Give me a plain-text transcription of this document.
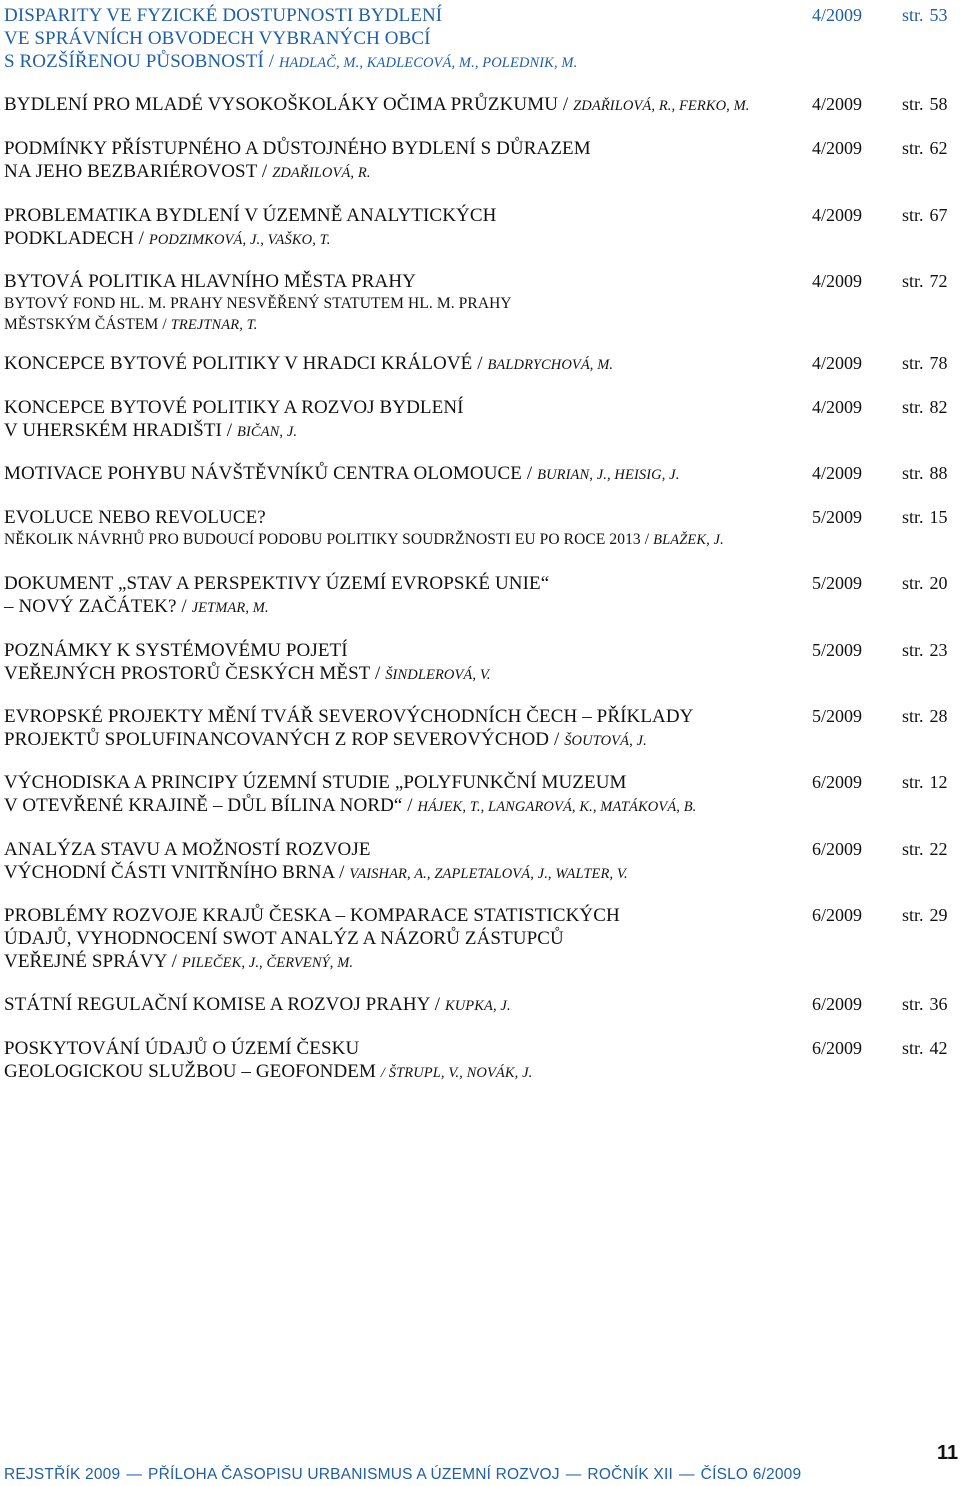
DISPARITY VE FYZICKÉ DOSTUPNOSTI BYDLENÍ
VE SPRÁVNÍCH OBVODECH VYBRANÝCH OBCÍ
S ROZŠÍŘENOU PŮSOBNOSTÍ / HADLAČ, M., KADLECOVÁ, M., POLEDNIK, M.
4/2009 str. 53
BYDLENÍ PRO MLADÉ VYSOKOŠKOLÁKY OČIMA PRŮZKUMU / ZDAŘILOVÁ, R., FERKO, M.	4/2009 str. 58
PODMÍNKY PŘÍSTUPNÉHO A DŮSTOJNÉHO BYDLENÍ S DŮRAZEM
NA JEHO BEZBARIÉROVOST / ZDAŘILOVÁ, R.
4/2009 str. 62
PROBLEMATIKA BYDLENÍ V ÚZEMNĚ ANALYTICKÝCH
PODKLADECH / PODZIMKOVÁ, J., VAŠKO, T.
4/2009 str. 67
BYTOVÁ POLITIKA HLAVNÍHO MĚSTA PRAHY
BYTOVÝ FOND HL. M. PRAHY NESVĚŘENÝ STATUTEM HL. M. PRAHY
MĚSTSKÝM ČÁSTEM / TREJTNAR, T.
4/2009 str. 72
KONCEPCE BYTOVÉ POLITIKY V HRADCI KRÁLOVÉ / BALDRYCHOVÁ, M.	4/2009 str. 78
KONCEPCE BYTOVÉ POLITIKY A ROZVOJ BYDLENÍ
V UHERSKÉM HRADIŠTI / BIČAN, J.
4/2009 str. 82
MOTIVACE POHYBU NÁVŠTĚVNÍKŮ CENTRA OLOMOUCE / BURIAN, J., HEISIG, J.	4/2009 str. 88
EVOLUCE NEBO REVOLUCE?
NĚKOLIK NÁVRHŮ PRO BUDOUCÍ PODOBU POLITIKY SOUDRŽNOSTI EU PO ROCE 2013 / BLAŽEK, J.
5/2009 str. 15
DOKUMENT „STAV A PERSPEKTIVY ÚZEMÍ EVROPSKÉ UNIE“
– NOVÝ ZAČÁTEK? / JETMAR, M.
5/2009 str. 20
POZNÁMKY K SYSTÉMOVÉMU POJETÍ
VEŘEJNÝCH PROSTORŮ ČESKÝCH MĚST / ŠINDLEROVÁ, V.
5/2009 str. 23
EVROPSKÉ PROJEKTY MĚNÍ TVÁŘ SEVEROVÝCHODNÍCH ČECH – PŘÍKLADY
PROJEKTŮ SPOLUFINANCOVANÝCH Z ROP SEVEROVÝCHOD / ŠOUTOVÁ, J.
5/2009 str. 28
VÝCHODISKA A PRINCIPY ÚZEMNÍ STUDIE „POLYFUNKČNÍ MUZEUM
V OTEVŘENÉ KRAJINĚ – DŮL BÍLINA NORD“ / HÁJEK, T., LANGAROVÁ, K., MATÁKOVÁ, B.
6/2009 str. 12
ANALÝZA STAVU A MOŽNOSTÍ ROZVOJE
VÝCHODNÍ ČÁSTI VNITŘNÍHO BRNA / VAISHAR, A., ZAPLETALOVÁ, J., WALTER, V.
6/2009 str. 22
PROBLÉMY ROZVOJE KRAJŮ ČESKA – KOMPARACE STATISTICKÝCH
ÚDAJŮ, VYHODNOCENÍ SWOT ANALÝZ A NÁZORŮ ZÁSTUPCŮ
VEŘEJNÉ SPRÁVY / PILEČEK, J., ČERVENÝ, M.
6/2009 str. 29
STÁTNÍ REGULAČNÍ KOMISE A ROZVOJ PRAHY / KUPKA, J.	6/2009 str. 36
POSKYTOVÁNÍ ÚDAJŮ O ÚZEMÍ ČESKU
GEOLOGICKOU SLUŽBOU – GEOFONDEM / ŠTRUPL, V., NOVÁK, J.
6/2009 str. 42
REJSTŘÍK 2009 — PŘÍLOHA ČASOPISU URBANISMUS A ÚZEMNÍ ROZVOJ — ROČNÍK XII — ČÍSLO 6/2009
11
